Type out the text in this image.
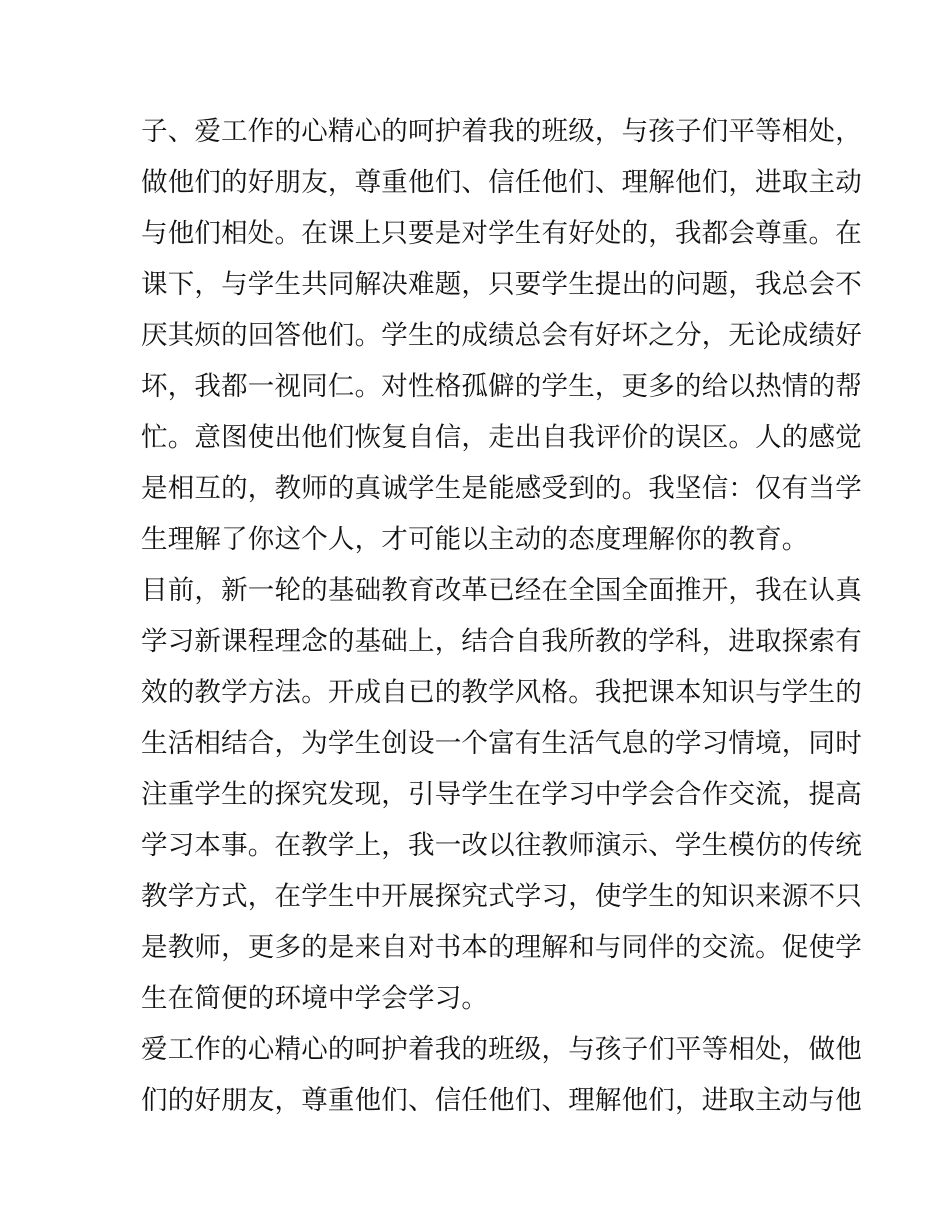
子、爱工作的心精心的呵护着我的班级，与孩子们平等相处，
做他们的好朋友，尊重他们、信任他们、理解他们，进取主动
与他们相处。在课上只要是对学生有好处的，我都会尊重。在
课下，与学生共同解决难题，只要学生提出的问题，我总会不
厌其烦的回答他们。学生的成绩总会有好坏之分，无论成绩好
坏，我都一视同仁。对性格孤僻的学生，更多的给以热情的帮
忙。意图使出他们恢复自信，走出自我评价的误区。人的感觉
是相互的，教师的真诚学生是能感受到的。我坚信：仅有当学
生理解了你这个人，才可能以主动的态度理解你的教育。
目前，新一轮的基础教育改革已经在全国全面推开，我在认真
学习新课程理念的基础上，结合自我所教的学科，进取探索有
效的教学方法。开成自已的教学风格。我把课本知识与学生的
生活相结合，为学生创设一个富有生活气息的学习情境，同时
注重学生的探究发现，引导学生在学习中学会合作交流，提高
学习本事。在教学上，我一改以往教师演示、学生模仿的传统
教学方式，在学生中开展探究式学习，使学生的知识来源不只
是教师，更多的是来自对书本的理解和与同伴的交流。促使学
生在简便的环境中学会学习。
爱工作的心精心的呵护着我的班级，与孩子们平等相处，做他
们的好朋友，尊重他们、信任他们、理解他们，进取主动与他
